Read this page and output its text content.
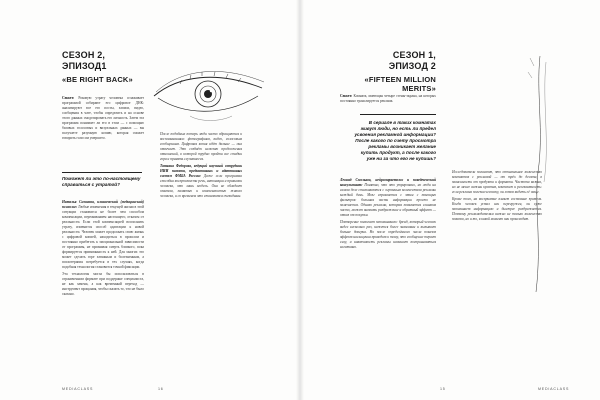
СЕЗОН 2,
ЭПИЗОД1
«BE RIGHT BACK»

Сюжет: Роковую утрату человека сглаживает программой собирают его цифровое ДНК: анализируют все его посты, записи, видео, сообщения в чате, чтобы определить и на основе этого данных смоделировать его личность. Затем эта программа понимает ли его в этом — с помощью базовых голосовых и визуальных данных — вы получаете разумную копию, которая сможет говорить голосом умершего.

Поможет ли это по-настоящему
справиться с утратой?

Наталья Сизонова, клинический (медицинский) психолог: Любые изменения в текущей жизни в этой ситуации становятся не более чем способом компенсации, переживанием настоящего, отказом от реальности. Если этой компенсацией восполнить утрату, изменится способ адаптации к новой реальности. Человек может продолжать свою жизнь с цифровой копией, находиться в прошлом и постоянно прибегать к эмоциональной зависимости от программы, не признавая смерть близкого, пока формируется привязанность к ней. Для многих это может сделать горе затяжным и болезненным, а психотерапия потребуется в тех случаях, когда подобная технология становится точкой фиксации.

Эта технология могла бы использоваться в ограниченном формате при поддержке специалиста, не как замена, а как временный переход — инструмент прощания, чтобы сказать то, что не было сказано.

После подобных потерь люди часто обращаются к воспоминаниям: фотографиям, видео, голосовым сообщениям. Цифровая копия идёт дальше — она отвечает. Это создаёт иллюзию продолжения отношений, в которой трудно пройти все стадии горя и принять случившееся.

Татьяна Федорова, ведущий научный сотрудник НИИ памяти, предиктивных и адаптивных систем ФМБА России: Даже если программа способна воспроизвести речь, интонации и привычки человека, это лишь модель. Она не обладает опытом, памятью и изменчивостью живого человека, и со временем это становится очевидным.

MEDIACLASS	16
СЕЗОН 1,
ЭПИЗОД 2
«FIFTEEN MILLION MERITS»

Сюжет: Комната, имеющая четыре стены-экрана, на которых постоянно транслируется реклама.

В сериале в таких комнатах
живут люди, но есть ли предел
усвоения рекламной информации?
После какого по счету просмотра
рекламы возникает желание
купить продукт, а после какого
уже ни за что его не купишь?

Леонид Смольков, нейромаркетолог и поведенческий консультант: Понятно, что это утрировано, но люди на самом деле сталкиваются с огромным количеством рекламы каждый день. Мозг справляется с этим с помощью фильтров: большая часть информации просто не замечается. Однако реклама, которая появляется слишком часто, может вызвать раздражение и обратный эффект — отказ от покупки.

Повторение помогает запоминанию: бренд, который человек видел несколько раз, кажется более знакомым и вызывает больше доверия. Но после определённого числа показов эффект насыщения приводит к тому, что сообщение теряет силу, а навязчивость рекламы начинает восприниматься негативно.

Исследователи полагают, что оптимальное количество контактов с рекламой — от трёх до десяти, в зависимости от продукта и формата. Частота важна, но не менее важны креатив, контекст и релевантность: если реклама полезна человеку, он готов видеть её чаще.

Кроме того, на восприятие влияет состояние зрителя. Когда человек устал или перегружен, он хуже запоминает информацию и быстрее раздражается. Поэтому рекламодателям важно не только количество показов, но и то, в какой момент они происходят.

15	MEDIACLASS
